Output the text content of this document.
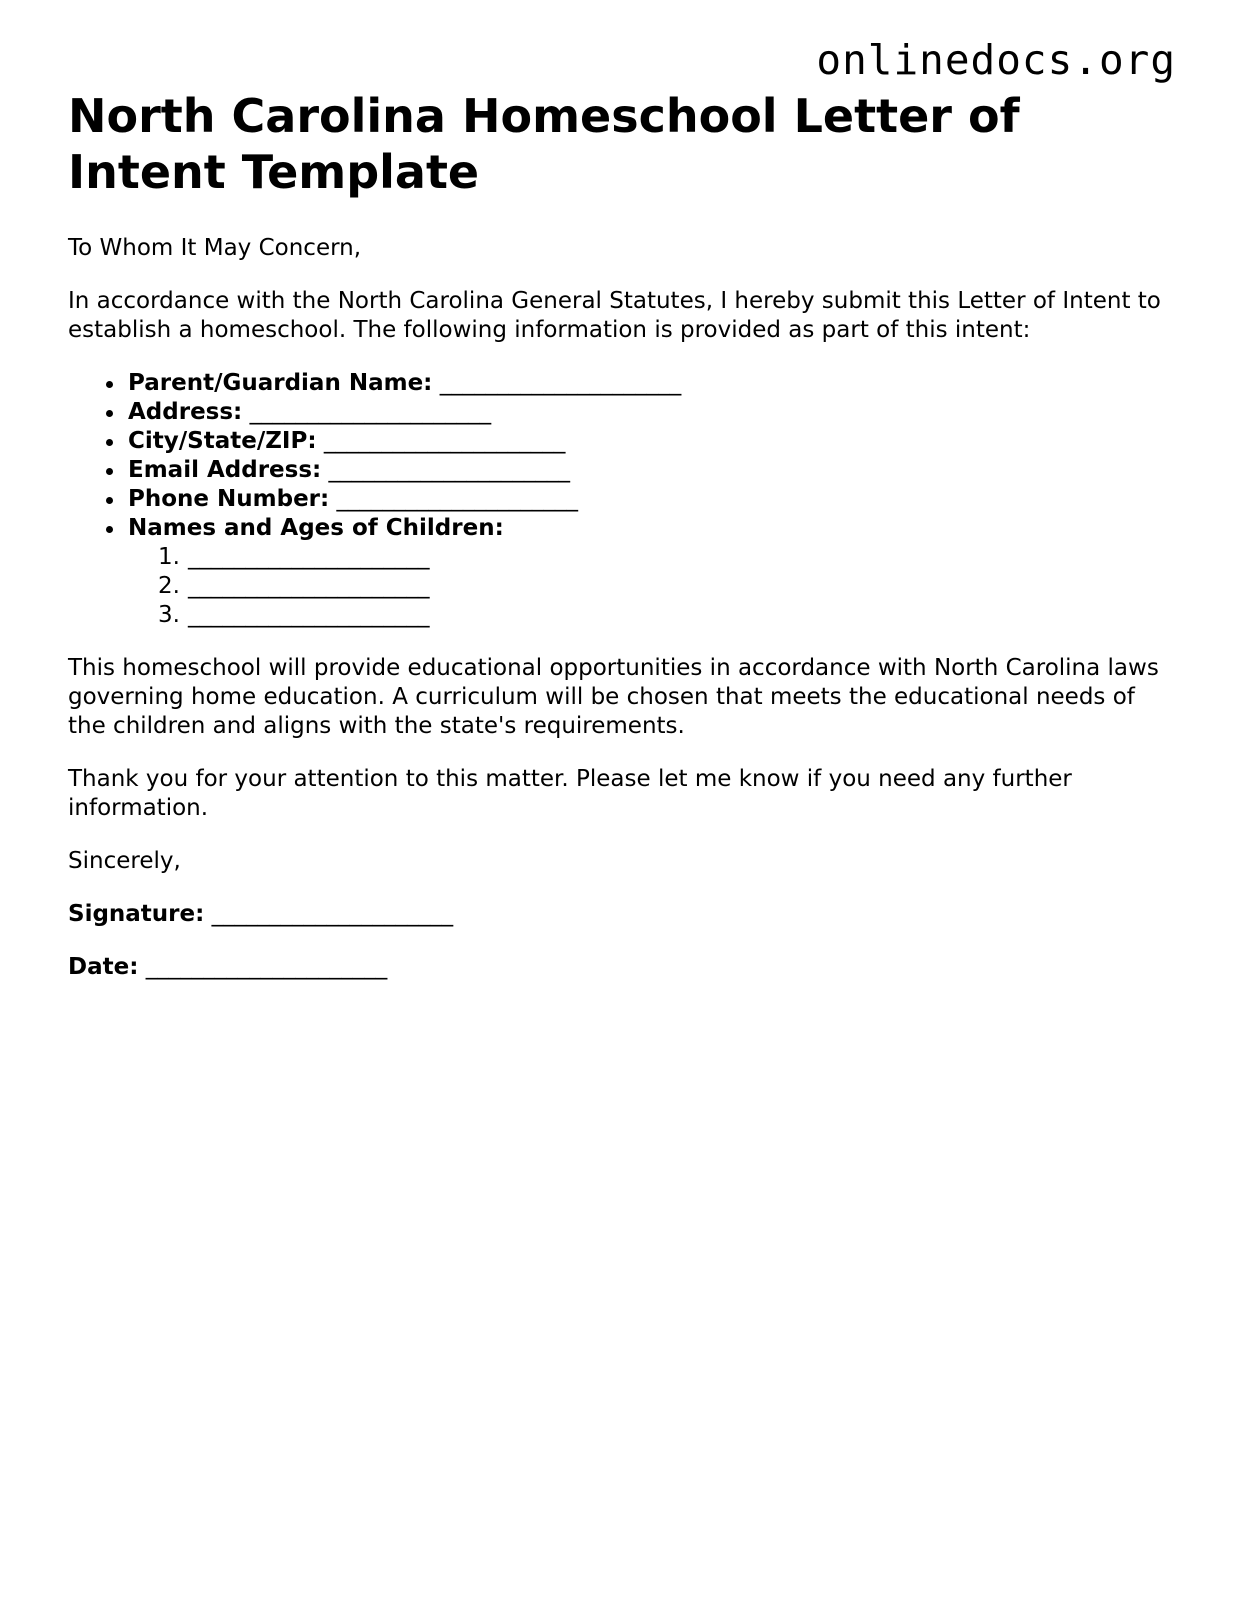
onlinedocs.org
North Carolina Homeschool Letter of Intent Template

To Whom It May Concern,

In accordance with the North Carolina General Statutes, I hereby submit this Letter of Intent to establish a homeschool. The following information is provided as part of this intent:

Parent/Guardian Name: _____________________
Address: _____________________
City/State/ZIP: _____________________
Email Address: _____________________
Phone Number: _____________________
Names and Ages of Children:
1. _____________________
2. _____________________
3. _____________________

This homeschool will provide educational opportunities in accordance with North Carolina laws governing home education. A curriculum will be chosen that meets the educational needs of the children and aligns with the state's requirements.

Thank you for your attention to this matter. Please let me know if you need any further information.

Sincerely,

Signature: _____________________
Date: _____________________
